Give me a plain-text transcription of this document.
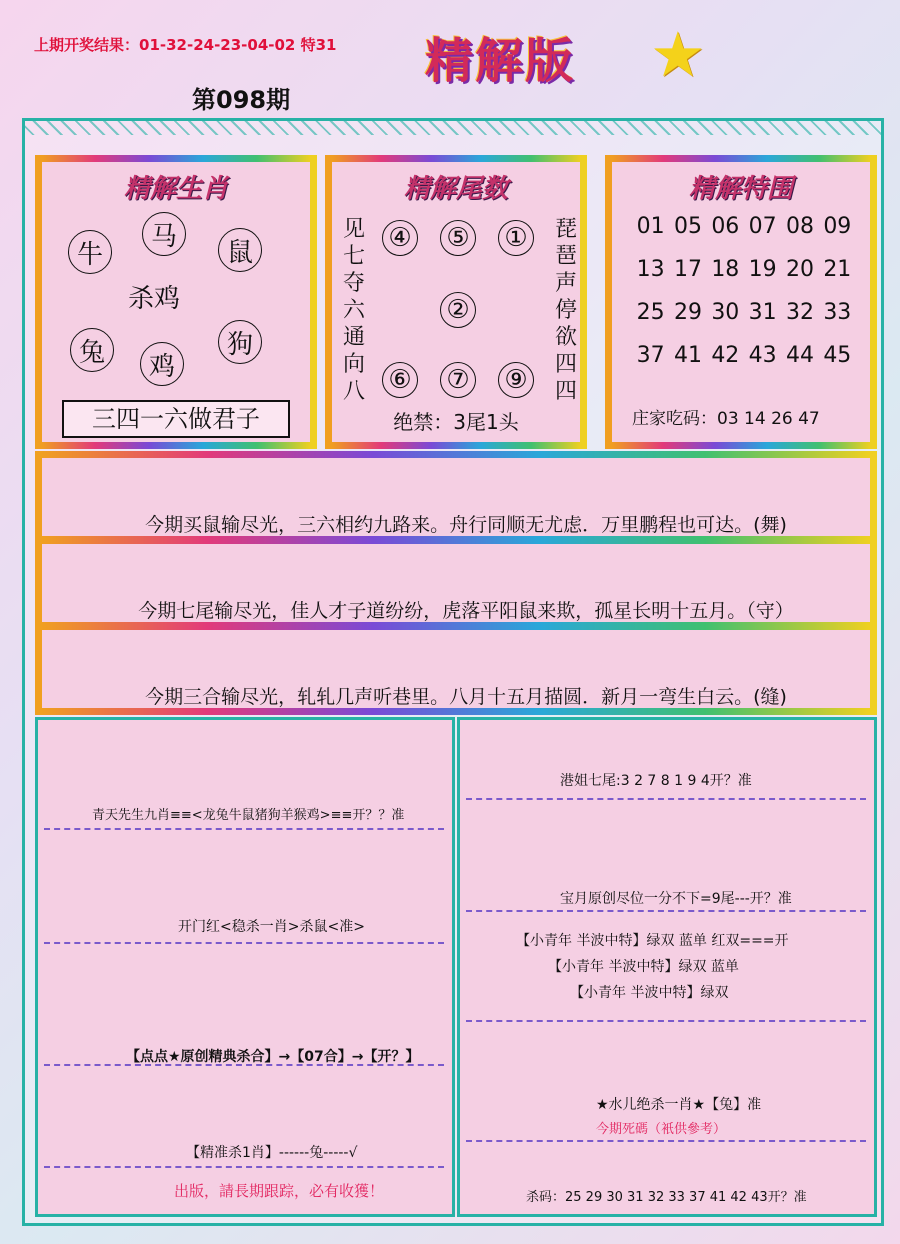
上期开奖结果：01-32-24-23-04-02 特31
第098期
精解版 ★
精解生肖
牛
马
鼠
兔	鸡
狗
杀鸡
三四一六做君子
精解尾数
④ ⑤ ①
②
⑥ ⑦ ⑨
见七夺六通向八
琵琶声停欲四四
绝禁：3尾1头
精解特围
01 05 06 07 08 09
13 17 18 19 20 21
25 29 30 31 32 33
37 41 42 43 44 45
庄家吃码：03 14 26 47
今期买鼠输尽光，三六相约九路来。舟行同顺无尤虑．万里鹏程也可达。(舞)
今期七尾输尽光，佳人才子道纷纷，虎落平阳鼠来欺，孤星长明十五月。（守）
今期三合输尽光，轧轧几声听巷里。八月十五月描圆．新月一弯生白云。(缝)
青天先生九肖≡≡<龙兔牛鼠猪狗羊猴鸡>≡≡开？？准
开门红<稳杀一肖>杀鼠<准>
【点点★原创精典杀合】→【07合】→【开？】
【精准杀1肖】------兔-----√
出版，請長期跟踪，必有收獲！
港姐七尾:3 2 7 8 1 9 4开？准
宝月原创尽位一分不下=9尾---开？准
【小青年 半波中特】绿双 蓝单 红双===开
【小青年 半波中特】绿双 蓝单
【小青年 半波中特】绿双
★水儿绝杀一肖★【兔】准
今期死碼（衹供參考）
杀码：25 29 30 31 32 33 37 41 42 43开？准
